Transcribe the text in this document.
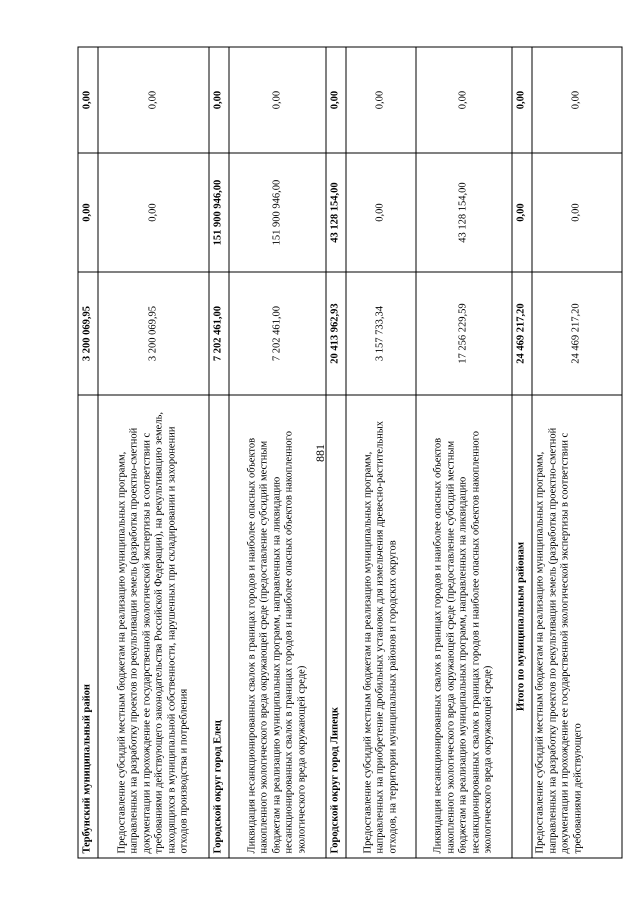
881
Тербунский муниципальный район	3 200 069,95	0,00	0,00
Предоставление субсидий местным бюджетам на реализацию муниципальных программ, направленных на разработку проектов по рекультивации земель (разработка проектно-сметной документации и прохождение ее государственной экологической экспертизы в соответствии с требованиями действующего законодательства Российской Федерации), на рекультивацию земель, находящихся в муниципальной собственности, нарушенных при складировании и захоронении отходов производства и потребления	3 200 069,95	0,00	0,00
Городской округ город Елец	7 202 461,00	151 900 946,00	0,00
Ликвидация несанкционированных свалок в границах городов и наиболее опасных объектов накопленного экологического вреда окружающей среде (предоставление субсидий местным бюджетам на реализацию муниципальных программ, направленных на ликвидацию несанкционированных свалок в границах городов и наиболее опасных объектов накопленного экологического вреда окружающей среде)	7 202 461,00	151 900 946,00	0,00
Городской округ город Липецк	20 413 962,93	43 128 154,00	0,00
Предоставление субсидий местным бюджетам на реализацию муниципальных программ, направленных на приобретение дробильных установок для измельчения древесно-растительных отходов, на территории муниципальных районов и городских округов	3 157 733,34	0,00	0,00
Ликвидация несанкционированных свалок в границах городов и наиболее опасных объектов накопленного экологического вреда окружающей среде (предоставление субсидий местным бюджетам на реализацию муниципальных программ, направленных на ликвидацию несанкционированных свалок в границах городов и наиболее опасных объектов накопленного экологического вреда окружающей среде)	17 256 229,59	43 128 154,00	0,00
Итого по муниципальным районам	24 469 217,20	0,00	0,00
Предоставление субсидий местным бюджетам на реализацию муниципальных программ, направленных на разработку проектов по рекультивации земель (разработка проектно-сметной документации и прохождение ее государственной экологической экспертизы в соответствии с требованиями действующего	24 469 217,20	0,00	0,00
